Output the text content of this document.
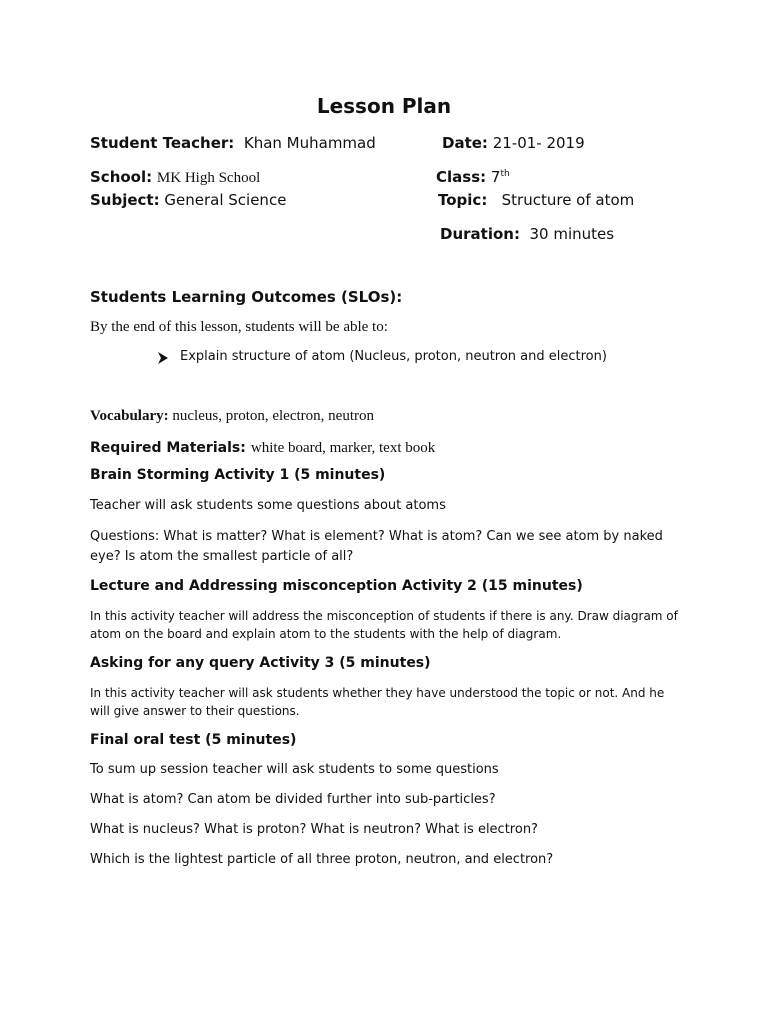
Lesson Plan
Student Teacher: Khan Muhammad	Date: 21-01- 2019
School: MK High School	Class: 7th
Subject: General Science	Topic: Structure of atom
Duration: 30 minutes
Students Learning Outcomes (SLOs):
By the end of this lesson, students will be able to:
Explain structure of atom (Nucleus, proton, neutron and electron)
Vocabulary: nucleus, proton, electron, neutron
Required Materials: white board, marker, text book
Brain Storming Activity 1 (5 minutes)
Teacher will ask students some questions about atoms
Questions: What is matter? What is element? What is atom? Can we see atom by naked eye? Is atom the smallest particle of all?
Lecture and Addressing misconception Activity 2 (15 minutes)
In this activity teacher will address the misconception of students if there is any. Draw diagram of atom on the board and explain atom to the students with the help of diagram.
Asking for any query Activity 3 (5 minutes)
In this activity teacher will ask students whether they have understood the topic or not. And he will give answer to their questions.
Final oral test (5 minutes)
To sum up session teacher will ask students to some questions
What is atom? Can atom be divided further into sub-particles?
What is nucleus? What is proton? What is neutron? What is electron?
Which is the lightest particle of all three proton, neutron, and electron?
